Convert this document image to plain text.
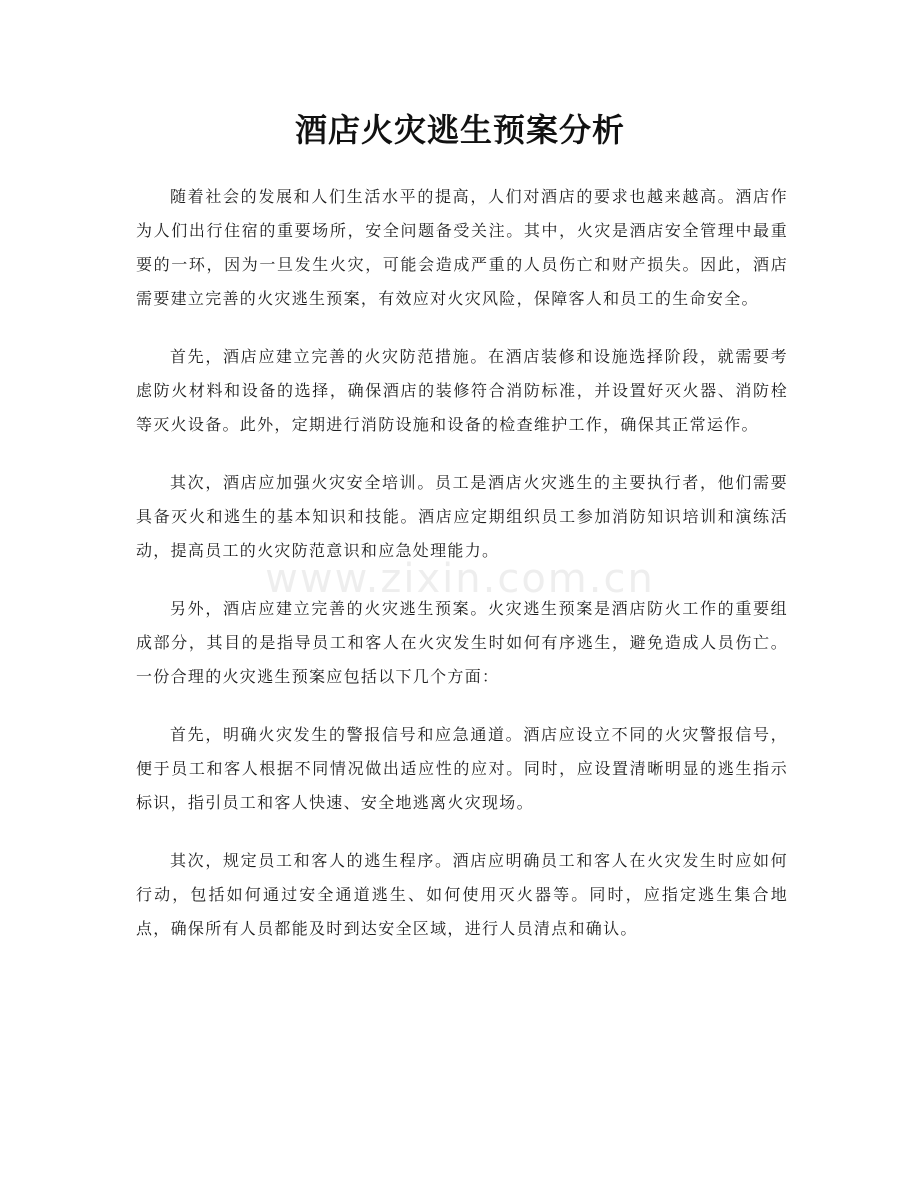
酒店火灾逃生预案分析

随着社会的发展和人们生活水平的提高，人们对酒店的要求也越来越高。酒店作为人们出行住宿的重要场所，安全问题备受关注。其中，火灾是酒店安全管理中最重要的一环，因为一旦发生火灾，可能会造成严重的人员伤亡和财产损失。因此，酒店需要建立完善的火灾逃生预案，有效应对火灾风险，保障客人和员工的生命安全。

首先，酒店应建立完善的火灾防范措施。在酒店装修和设施选择阶段，就需要考虑防火材料和设备的选择，确保酒店的装修符合消防标准，并设置好灭火器、消防栓等灭火设备。此外，定期进行消防设施和设备的检查维护工作，确保其正常运作。

其次，酒店应加强火灾安全培训。员工是酒店火灾逃生的主要执行者，他们需要具备灭火和逃生的基本知识和技能。酒店应定期组织员工参加消防知识培训和演练活动，提高员工的火灾防范意识和应急处理能力。

另外，酒店应建立完善的火灾逃生预案。火灾逃生预案是酒店防火工作的重要组成部分，其目的是指导员工和客人在火灾发生时如何有序逃生，避免造成人员伤亡。一份合理的火灾逃生预案应包括以下几个方面：

首先，明确火灾发生的警报信号和应急通道。酒店应设立不同的火灾警报信号，便于员工和客人根据不同情况做出适应性的应对。同时，应设置清晰明显的逃生指示标识，指引员工和客人快速、安全地逃离火灾现场。

其次，规定员工和客人的逃生程序。酒店应明确员工和客人在火灾发生时应如何行动，包括如何通过安全通道逃生、如何使用灭火器等。同时，应指定逃生集合地点，确保所有人员都能及时到达安全区域，进行人员清点和确认。

www.zixin.com.cn
